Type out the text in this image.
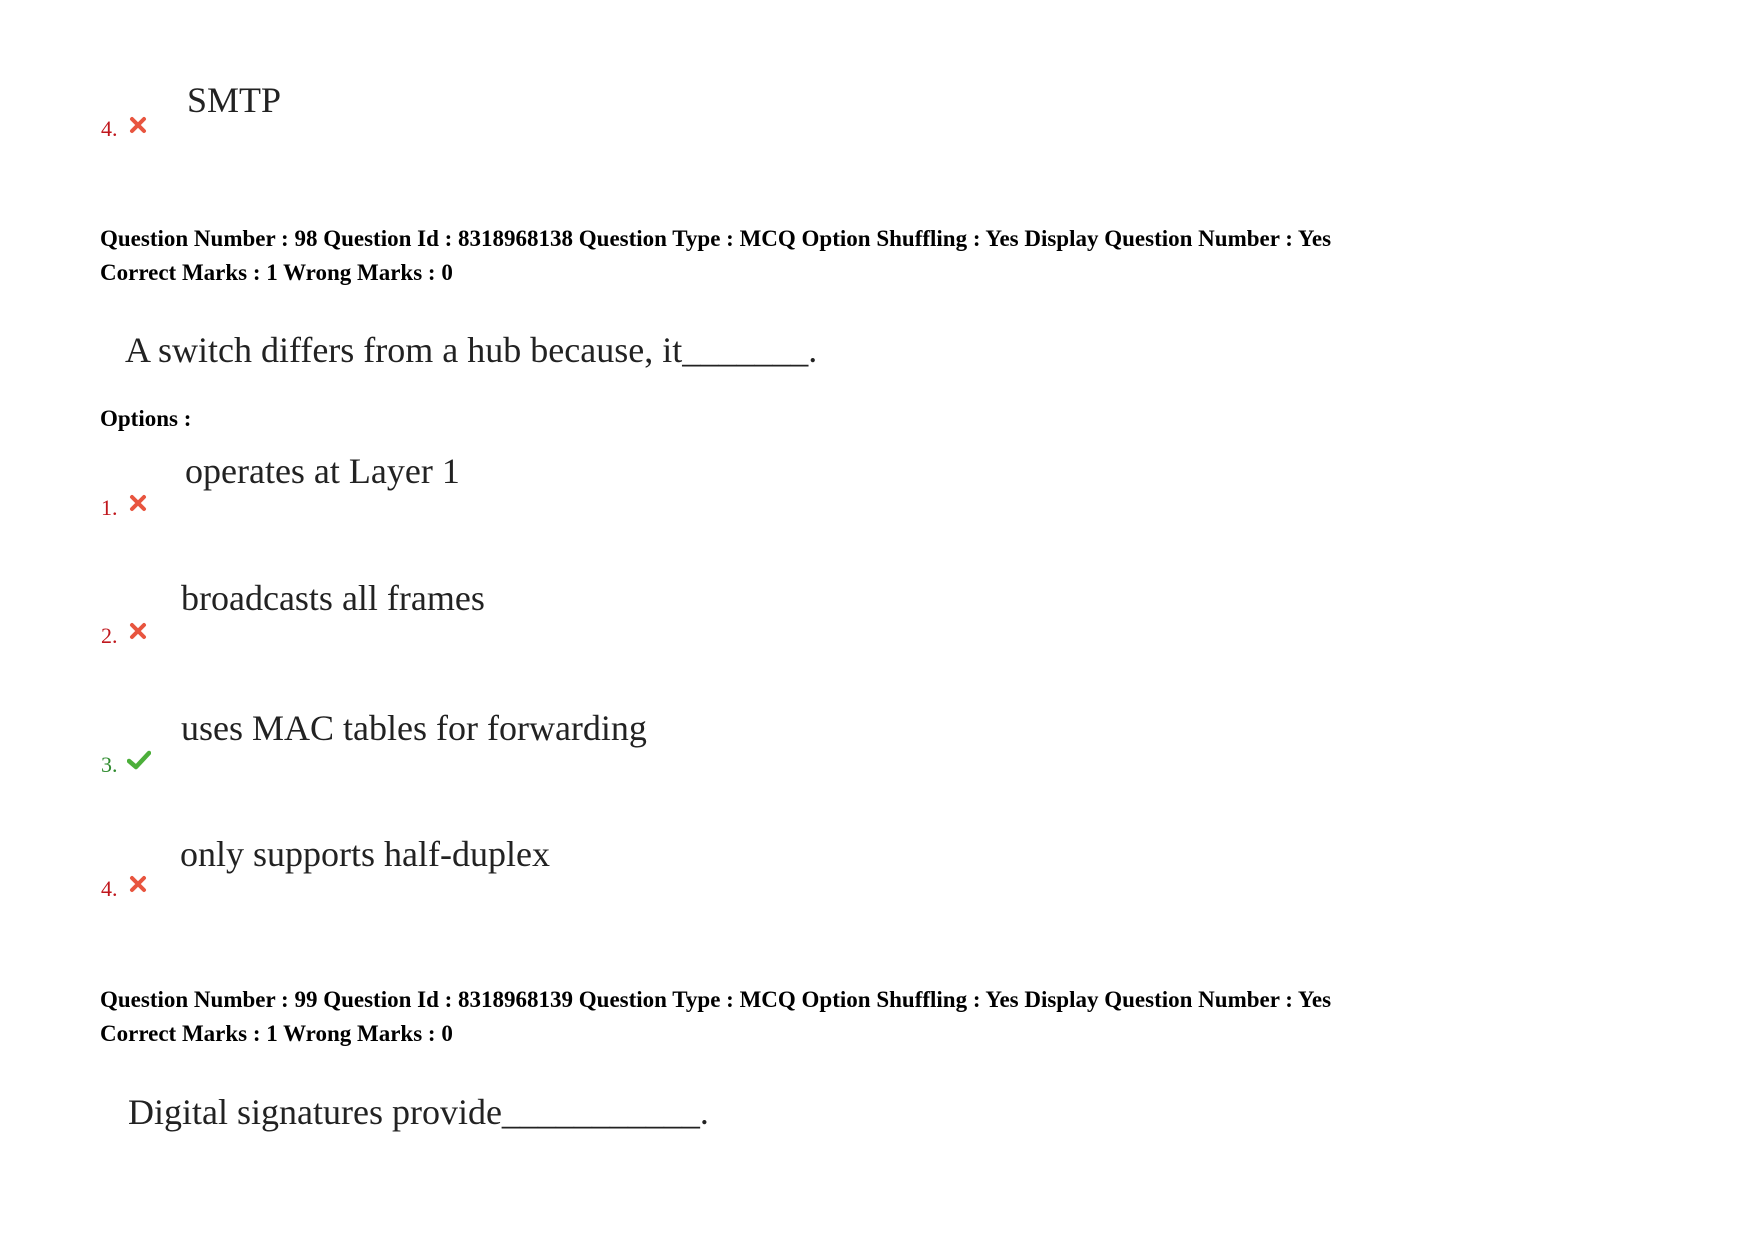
4.
SMTP
Question Number : 98 Question Id : 8318968138 Question Type : MCQ Option Shuffling : Yes Display Question Number : Yes
Correct Marks : 1 Wrong Marks : 0
A switch differs from a hub because, it_______.
Options :
1.
operates at Layer 1
2.
broadcasts all frames
3.
uses MAC tables for forwarding
4.
only supports half-duplex
Question Number : 99 Question Id : 8318968139 Question Type : MCQ Option Shuffling : Yes Display Question Number : Yes
Correct Marks : 1 Wrong Marks : 0
Digital signatures provide___________.
